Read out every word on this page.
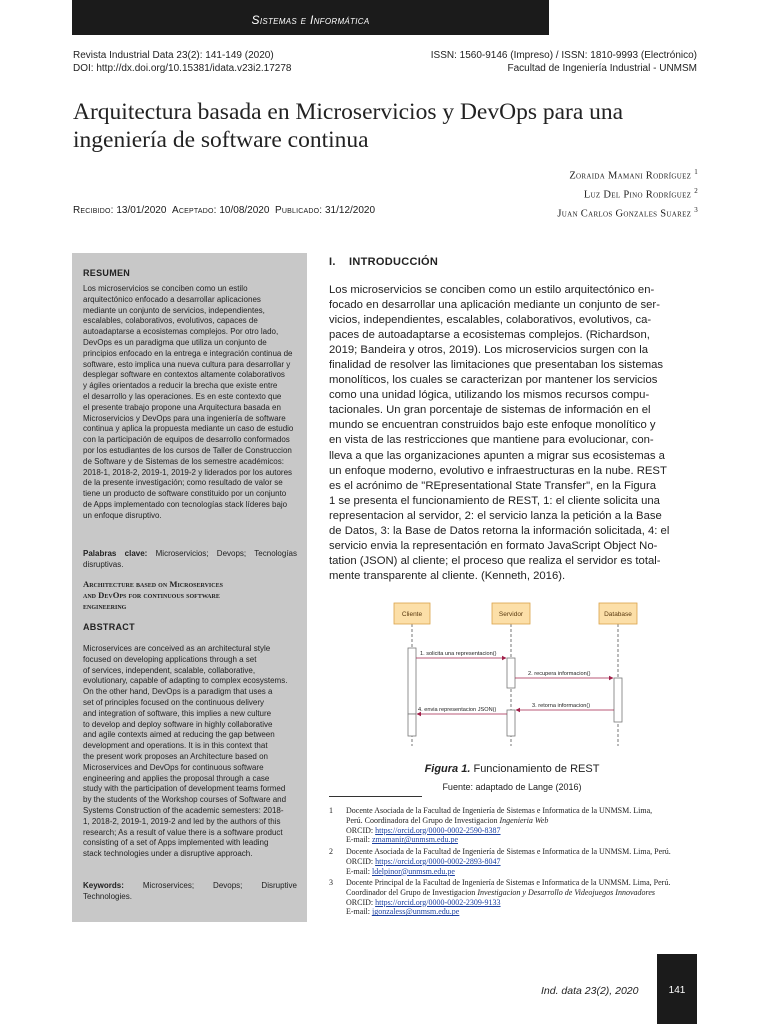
Sistemas e Informática
Revista Industrial Data 23(2): 141-149 (2020)
DOI: http://dx.doi.org/10.15381/idata.v23i2.17278
ISSN: 1560-9146 (Impreso) / ISSN: 1810-9993 (Electrónico)
Facultad de Ingeniería Industrial - UNMSM
Arquitectura basada en Microservicios y DevOps para una
ingeniería de software continua
Zoraida Mamani Rodríguez $^1$
Luz Del Pino Rodríguez $^2$
Juan Carlos Gonzales Suarez $^3$
Recibido: 13/01/2020 Aceptado: 10/08/2020 Publicado: 31/12/2020
RESUMEN
Los microservicios se conciben como un estilo
arquitectónico enfocado a desarrollar aplicaciones
mediante un conjunto de servicios, independientes,
escalables, colaborativos, evolutivos, capaces de
autoadaptarse a ecosistemas complejos. Por otro lado,
DevOps es un paradigma que utiliza un conjunto de
principios enfocado en la entrega e integración continua de
software, esto implica una nueva cultura para desarrollar y
desplegar software en contextos altamente colaborativos
y ágiles orientados a reducir la brecha que existe entre
el desarrollo y las operaciones. Es en este contexto que
el presente trabajo propone una Arquitectura basada en
Microservicios y DevOps para una ingeniería de software
continua y aplica la propuesta mediante un caso de estudio
con la participación de equipos de desarrollo conformados
por los estudiantes de los cursos de Taller de Construccion
de Software y de Sistemas de los semestre académicos:
2018-1, 2018-2, 2019-1, 2019-2 y liderados por los autores
de la presente investigación; como resultado de valor se
tiene un producto de software constituido por un conjunto
de Apps implementado con tecnologías stack líderes bajo
un enfoque disruptivo.
Palabras clave: Microservicios; Devops; Tecnologías disruptivas.
Architecture based on Microservices
and DevOps for continuous software
engineering
ABSTRACT
Microservices are conceived as an architectural style
focused on developing applications through a set
of services, independent, scalable, collaborative,
evolutionary, capable of adapting to complex ecosystems.
On the other hand, DevOps is a paradigm that uses a
set of principles focused on the continuous delivery
and integration of software, this implies a new culture
to develop and deploy software in highly collaborative
and agile contexts aimed at reducing the gap between
development and operations. It is in this context that
the present work proposes an Architecture based on
Microservices and DevOps for continuous software
engineering and applies the proposal through a case
study with the participation of development teams formed
by the students of the Workshop courses of Software and
Systems Construction of the academic semesters: 2018-
1, 2018-2, 2019-1, 2019-2 and led by the authors of this
research; As a result of value there is a software product
consisting of a set of Apps implemented with leading
stack technologies under a disruptive approach.
Keywords: Microservices; Devops; Disruptive Technologies.
I. INTRODUCCIÓN
Los microservicios se conciben como un estilo arquitectónico en-
focado en desarrollar una aplicación mediante un conjunto de ser-
vicios, independientes, escalables, colaborativos, evolutivos, ca-
paces de autoadaptarse a ecosistemas complejos. (Richardson,
2019; Bandeira y otros, 2019). Los microservicios surgen con la
finalidad de resolver las limitaciones que presentaban los sistemas
monolíticos, los cuales se caracterizan por mantener los servicios
como una unidad lógica, utilizando los mismos recursos compu-
tacionales. Un gran porcentaje de sistemas de información en el
mundo se encuentran construidos bajo este enfoque monolítico y
en vista de las restricciones que mantiene para evolucionar, con-
lleva a que las organizaciones apunten a migrar sus ecosistemas a
un enfoque moderno, evolutivo e infraestructuras en la nube. REST
es el acrónimo de "REpresentational State Transfer", en la Figura
1 se presenta el funcionamiento de REST, 1: el cliente solicita una
representacion al servidor, 2: el servicio lanza la petición a la Base
de Datos, 3: la Base de Datos retorna la información solicitada, 4: el
servicio envia la representación en formato JavaScript Object No-
tation (JSON) al cliente; el proceso que realiza el servidor es total-
mente transparente al cliente. (Kenneth, 2016).
Cliente	Servidor	Database
1. solicita una representacion()
2. recupera informacion()
3. retorna informacion()
4. envia representacion JSON()
Figura 1. Funcionamiento de REST
Fuente: adaptado de Lange (2016)
1 Docente Asociada de la Facultad de Ingeniería de Sistemas e Informatica de la UNMSM. Lima,
Perú. Coordinadora del Grupo de Investigacion Ingenieria Web
ORCID: https://orcid.org/0000-0002-2590-8387
E-mail: zmamanir@unmsm.edu.pe
2 Docente Asociada de la Facultad de Ingeniería de Sistemas e Informatica de la UNMSM. Lima, Perú.
ORCID: https://orcid.org/0000-0002-2893-8047
E-mail: ldelpinor@unmsm.edu.pe
3 Docente Principal de la Facultad de Ingeniería de Sistemas e Informatica de la UNMSM. Lima, Perú.
Coordinador del Grupo de Investigacion Investigacion y Desarrollo de Videojuegos Innovadores
ORCID: https://orcid.org/0000-0002-2309-9133
E-mail: jgonzaless@unmsm.edu.pe
Ind. data 23(2), 2020	141
